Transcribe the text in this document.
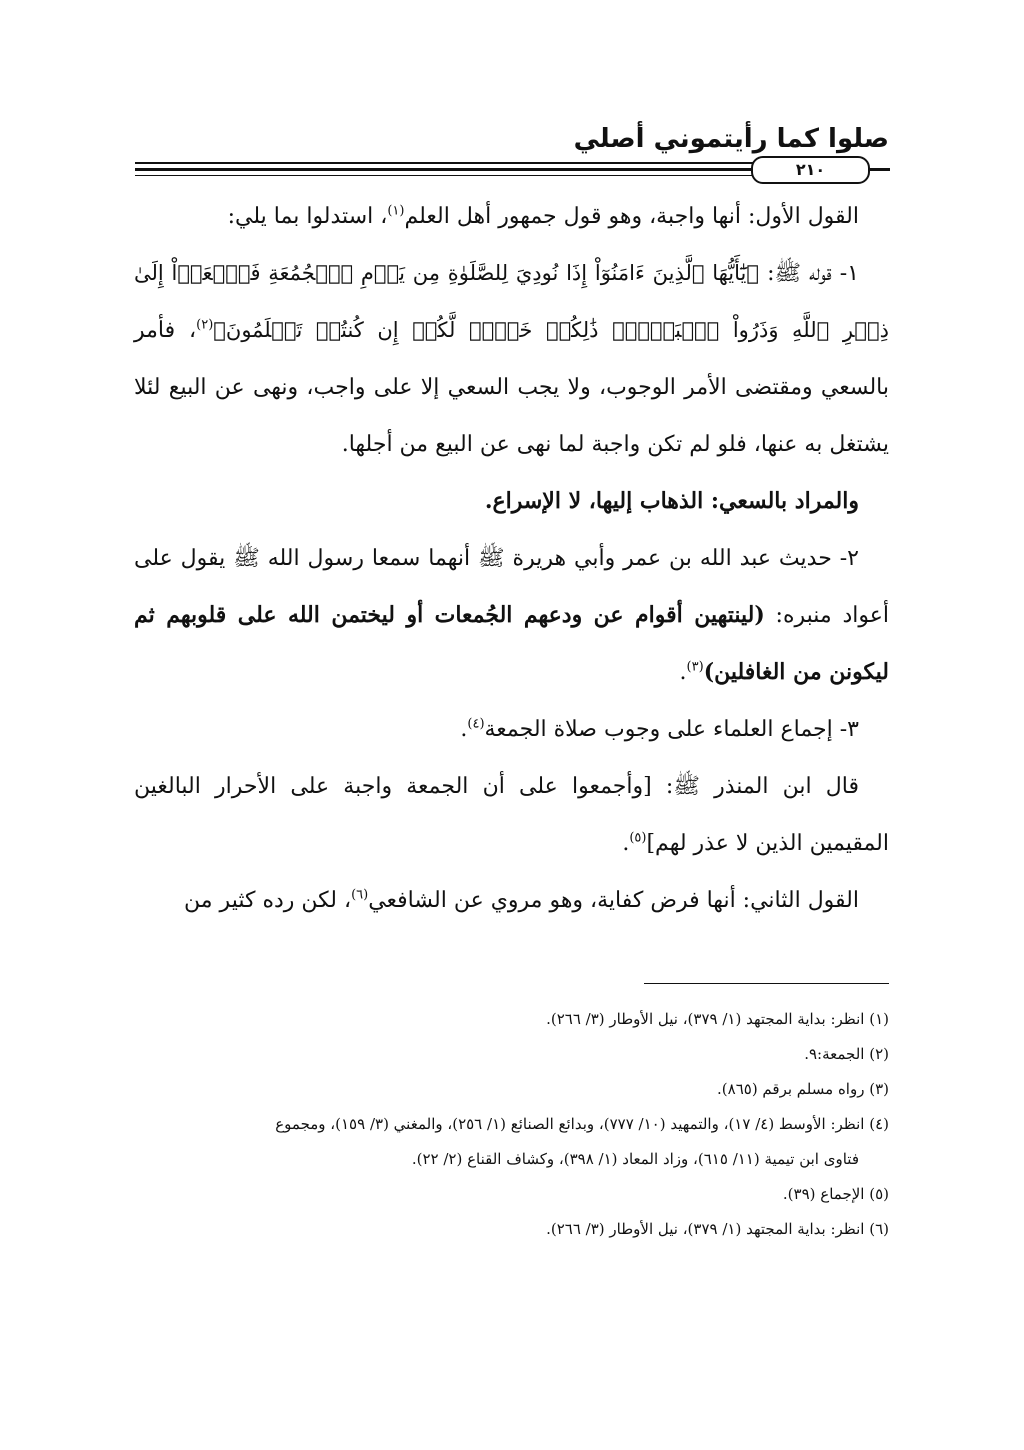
صلوا كما رأيتموني أصلي
٢١٠

القول الأول: أنها واجبة، وهو قول جمهور أهل العلم$^{(١)}$، استدلوا بما يلي:

١- قوله ﷺ: ﴿يَٰٓأَيُّهَا ٱلَّذِينَ ءَامَنُوٓاْ إِذَا نُودِيَ لِلصَّلَوٰةِ مِن يَوۡمِ ٱلۡجُمُعَةِ فَٱسۡعَوۡاْ إِلَىٰ ذِكۡرِ ٱللَّهِ وَذَرُواْ ٱلۡبَيۡعَۚ ذَٰلِكُمۡ خَيۡرٞ لَّكُمۡ إِن كُنتُمۡ تَعۡلَمُونَ﴾$^{(٢)}$، فأمر بالسعي ومقتضى الأمر الوجوب، ولا يجب السعي إلا على واجب، ونهى عن البيع لئلا يشتغل به عنها، فلو لم تكن واجبة لما نهى عن البيع من أجلها.

والمراد بالسعي: الذهاب إليها، لا الإسراع.

٢- حديث عبد الله بن عمر وأبي هريرة ﷺ أنهما سمعا رسول الله ﷺ يقول على أعواد منبره: (لينتهين أقوام عن ودعهم الجُمعات أو ليختمن الله على قلوبهم ثم ليكونن من الغافلين)$^{(٣)}$.

٣- إجماع العلماء على وجوب صلاة الجمعة$^{(٤)}$.

قال ابن المنذر ﷺ: [وأجمعوا على أن الجمعة واجبة على الأحرار البالغين المقيمين الذين لا عذر لهم]$^{(٥)}$.

القول الثاني: أنها فرض كفاية، وهو مروي عن الشافعي$^{(٦)}$، لكن رده كثير من

(١) انظر: بداية المجتهد (١/ ٣٧٩)، نيل الأوطار (٣/ ٢٦٦).

(٢) الجمعة:٩.

(٣) رواه مسلم برقم (٨٦٥).

(٤) انظر: الأوسط (٤/ ١٧)، والتمهيد (١٠/ ٧٧٧)، وبدائع الصنائع (١/ ٢٥٦)، والمغني (٣/ ١٥٩)، ومجموع

فتاوى ابن تيمية (١١/ ٦١٥)، وزاد المعاد (١/ ٣٩٨)، وكشاف القناع (٢/ ٢٢).

(٥) الإجماع (٣٩).

(٦) انظر: بداية المجتهد (١/ ٣٧٩)، نيل الأوطار (٣/ ٢٦٦).
